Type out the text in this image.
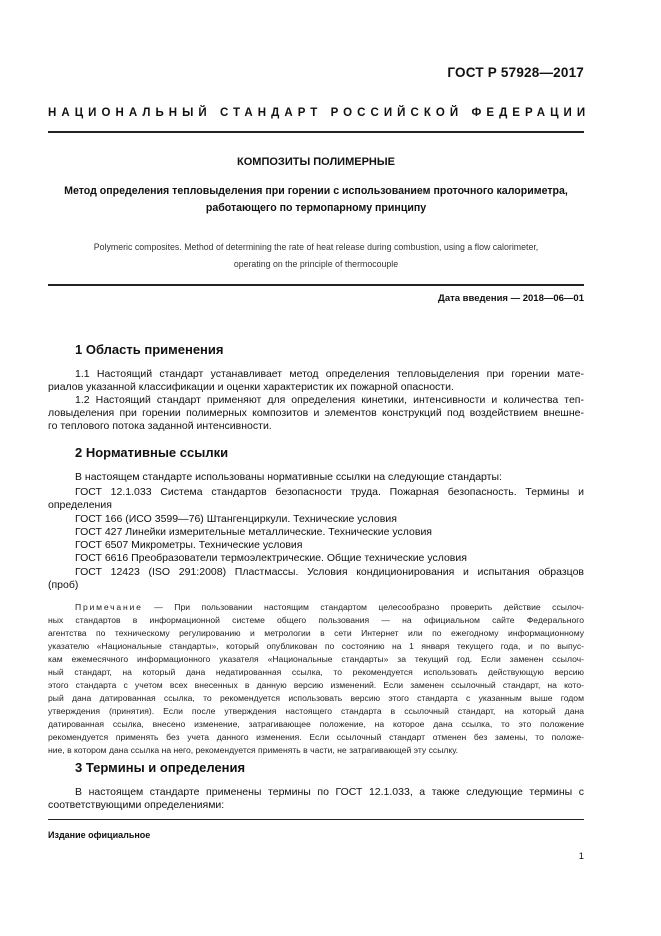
ГОСТ Р 57928—2017
НАЦИОНАЛЬНЫЙ СТАНДАРТ РОССИЙСКОЙ ФЕДЕРАЦИИ
КОМПОЗИТЫ ПОЛИМЕРНЫЕ
Метод определения тепловыделения при горении с использованием проточного калориметра,
работающего по термопарному принципу
Polymeric composites. Method of determining the rate of heat release during combustion, using a flow calorimeter,
operating on the principle of thermocouple
Дата введения — 2018—06—01
1 Область применения
1.1 Настоящий стандарт устанавливает метод определения тепловыделения при горении мате-
риалов указанной классификации и оценки характеристик их пожарной опасности.
1.2 Настоящий стандарт применяют для определения кинетики, интенсивности и количества теп-
ловыделения при горении полимерных композитов и элементов конструкций под воздействием внешне-
го теплового потока заданной интенсивности.
2 Нормативные ссылки
В настоящем стандарте использованы нормативные ссылки на следующие стандарты:
ГОСТ 12.1.033 Система стандартов безопасности труда. Пожарная безопасность. Термины и
определения
ГОСТ 166 (ИСО 3599—76) Штангенциркули. Технические условия
ГОСТ 427 Линейки измерительные металлические. Технические условия
ГОСТ 6507 Микрометры. Технические условия
ГОСТ 6616 Преобразователи термоэлектрические. Общие технические условия
ГОСТ 12423 (ISO 291:2008) Пластмассы. Условия кондиционирования и испытания образцов
(проб)
Примечание — При пользовании настоящим стандартом целесообразно проверить действие ссылоч-
ных стандартов в информационной системе общего пользования — на официальном сайте Федерального
агентства по техническому регулированию и метрологии в сети Интернет или по ежегодному информационному
указателю «Национальные стандарты», который опубликован по состоянию на 1 января текущего года, и по выпус-
кам ежемесячного информационного указателя «Национальные стандарты» за текущий год. Если заменен ссылоч-
ный стандарт, на который дана недатированная ссылка, то рекомендуется использовать действующую версию
этого стандарта с учетом всех внесенных в данную версию изменений. Если заменен ссылочный стандарт, на кото-
рый дана датированная ссылка, то рекомендуется использовать версию этого стандарта с указанным выше годом
утверждения (принятия). Если после утверждения настоящего стандарта в ссылочный стандарт, на который дана
датированная ссылка, внесено изменение, затрагивающее положение, на которое дана ссылка, то это положение
рекомендуется применять без учета данного изменения. Если ссылочный стандарт отменен без замены, то положе-
ние, в котором дана ссылка на него, рекомендуется применять в части, не затрагивающей эту ссылку.
3 Термины и определения
В настоящем стандарте применены термины по ГОСТ 12.1.033, а также следующие термины с
соответствующими определениями:
Издание официальное
1
